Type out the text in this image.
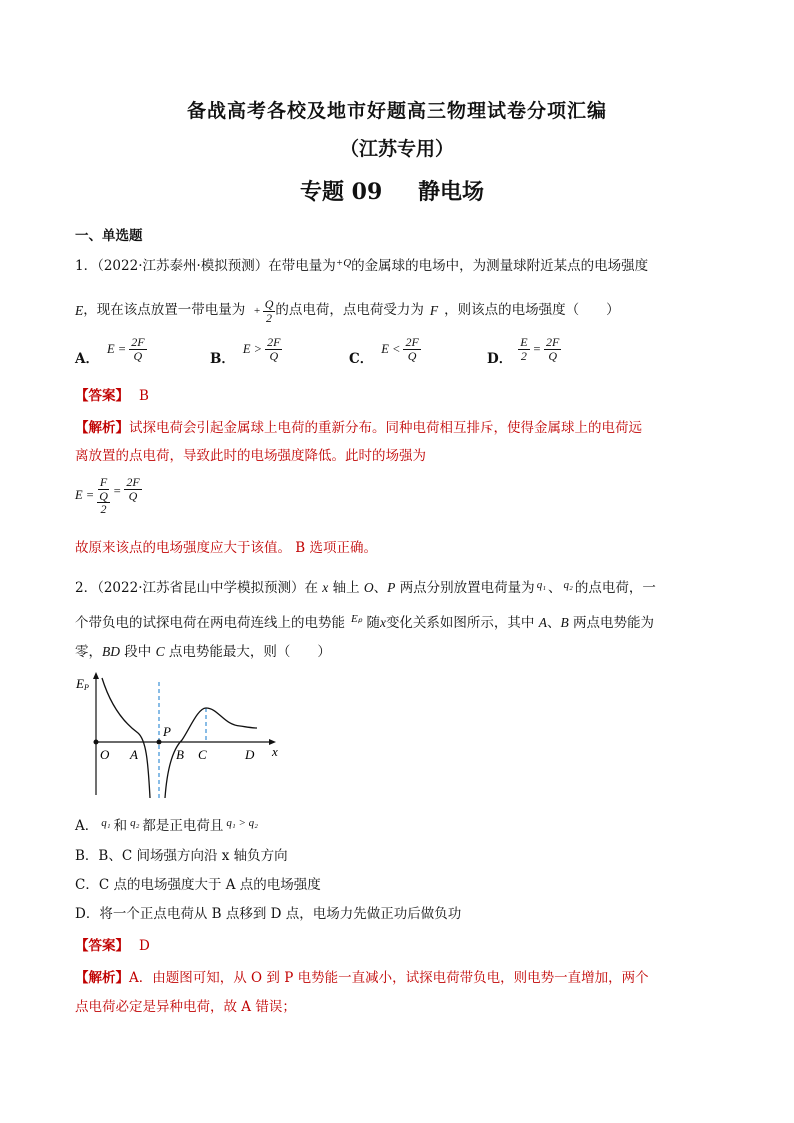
备战高考各校及地市好题高三物理试卷分项汇编
（江苏专用）
专题 09 静电场
一、单选题
1．（2022·江苏泰州·模拟预测）在带电量为$^{+Q}$的金属球的电场中，为测量球附近某点的电场强度
E ，现在该点放置一带电量为 + $\frac{Q}{2}$ 的点电荷，点电荷受力为 F ，则该点的电场强度（　　）
A．
$E = \frac{2F}{Q}$	B．
$E > \frac{2F}{Q}$	C．
$E < \frac{2F}{Q}$	D． $\frac{E}{2} = \frac{2F}{Q}$
【答案】 B
【解析】试探电荷会引起金属球上电荷的重新分布。同种电荷相互排斥，使得金属球上的电荷远
离放置的点电荷，导致此时的电场强度降低。此时的场强为
$E = \frac{F}{\frac{Q}{2}} = \frac{2F}{Q}$
故原来该点的电场强度应大于该值。 B 选项正确。
2．（2022·江苏省昆山中学模拟预测）在 x 轴上 O、P 两点分别放置电荷量为 $^{q_1}$ 、 $^{q_2}$ 的点电荷，一
个带负电的试探电荷在两电荷连线上的电势能 $^{E_p}$ 随x变化关系如图所示，其中 A、B 两点电势能为
零，BD 段中 C 点电势能最大，则（　　）
EP
x
O A
P
B C	D
A． $^{q_1}$ 和 $^{q_2}$ 都是正电荷且 $^{q_1 > q_2}$
B．B、C 间场强方向沿 x 轴负方向
C．C 点的电场强度大于 A 点的电场强度
D．将一个正点电荷从 B 点移到 D 点，电场力先做正功后做负功
【答案】 D
【解析】A．由题图可知，从 O 到 P 电势能一直减小，试探电荷带负电，则电势一直增加，两个
点电荷必定是异种电荷，故 A 错误；
